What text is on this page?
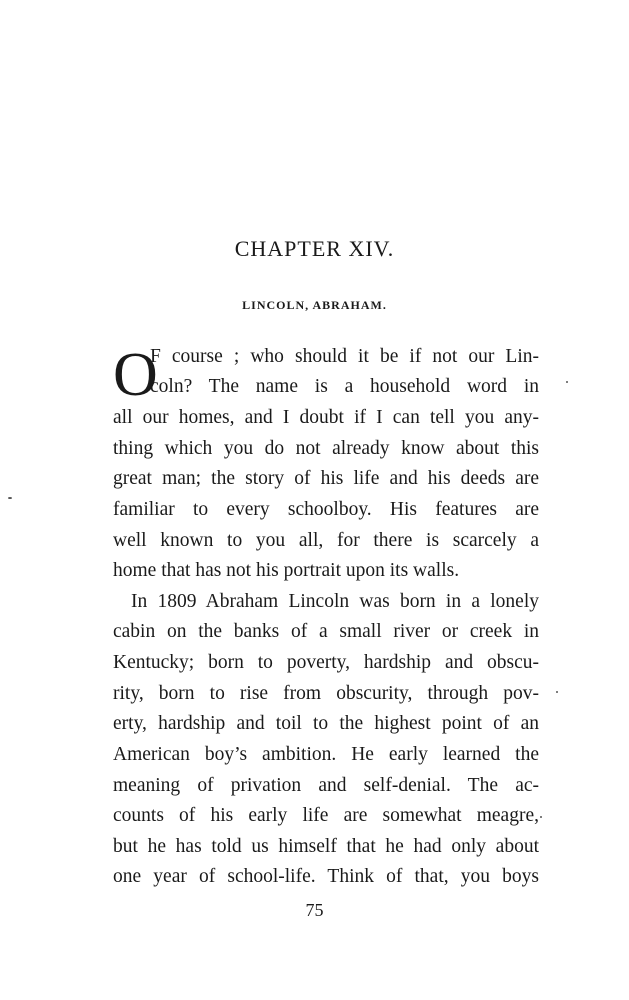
CHAPTER XIV.
LINCOLN, ABRAHAM.
O
F course ; who should it be if not our Lin-
coln? The name is a household word in
all our homes, and I doubt if I can tell you any-
thing which you do not already know about this
great man; the story of his life and his deeds are
familiar to every schoolboy. His features are
well known to you all, for there is scarcely a
home that has not his portrait upon its walls.
In 1809 Abraham Lincoln was born in a lonely
cabin on the banks of a small river or creek in
Kentucky; born to poverty, hardship and obscu-
rity, born to rise from obscurity, through pov-
erty, hardship and toil to the highest point of an
American boy’s ambition. He early learned the
meaning of privation and self-denial. The ac-
counts of his early life are somewhat meagre,
but he has told us himself that he had only about
one year of school-life. Think of that, you boys
75
